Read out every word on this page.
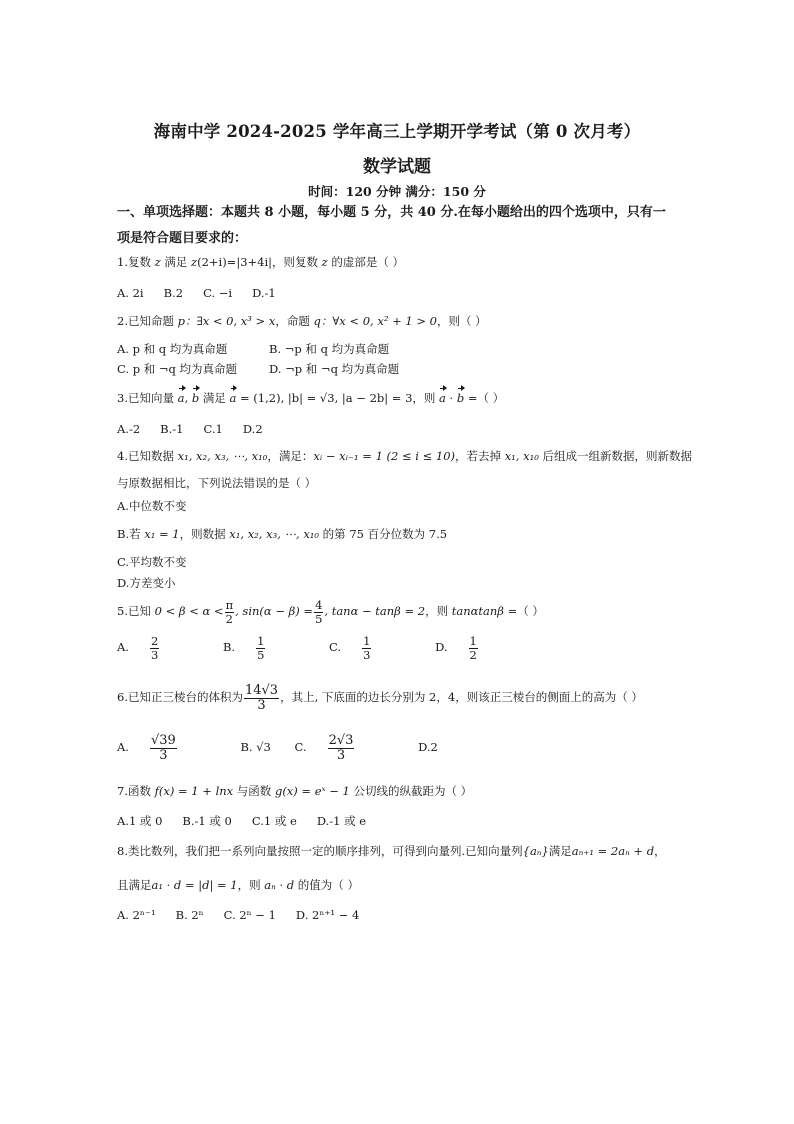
海南中学 2024-2025 学年高三上学期开学考试（第 0 次月考）
数学试题
时间：120 分钟 满分：150 分
一、单项选择题：本题共 8 小题，每小题 5 分，共 40 分.在每小题给出的四个选项中，只有一
项是符合题目要求的：
1.复数 z 满足 z(2+i)=|3+4i|，则复数 z 的虚部是（ ）
A. 2i B.2 C. −i D.-1
2.已知命题 p：∃x < 0, x³ > x，命题 q：∀x < 0, x² + 1 > 0，则（ ）
A. p 和 q 均为真命题	B. ¬p 和 q 均为真命题
C. p 和 ¬q 均为真命题	D. ¬p 和 ¬q 均为真命题
3.已知向量 a, b 满足 a = (1,2), |b| = √3, |a − 2b| = 3，则 a · b =（ ）
A.-2 B.-1 C.1 D.2
4.已知数据 x₁, x₂, x₃, ⋯, x₁₀，满足：xᵢ − xᵢ₋₁ = 1 (2 ≤ i ≤ 10)，若去掉 x₁, x₁₀ 后组成一组新数据，则新数据
与原数据相比，下列说法错误的是（ ）
A.中位数不变
B.若 x₁ = 1，则数据 x₁, x₂, x₃, ⋯, x₁₀ 的第 75 百分位数为 7.5
C.平均数不变
D.方差变小
5.已知 $0 < \beta < \alpha < \frac{\pi}{2}$ , $\sin(\alpha - \beta) = \frac{4}{5}$ , tanα − tanβ = 2，则 tanαtanβ =（ ）
A. $\frac{2}{3}$	B. $\frac{1}{5}$	C. $\frac{1}{3}$	D. $\frac{1}{2}$
6.已知正三棱台的体积为 $\frac{14√3}{3}$ ，其上, 下底面的边长分别为 2，4，则该正三棱台的侧面上的高为（ ）
A. $\frac{√39}{3}$	B. √3 C. $\frac{2√3}{3}$	D.2
7.函数 f(x) = 1 + lnx 与函数 g(x) = eˣ − 1 公切线的纵截距为（ ）
A.1 或 0 B.-1 或 0 C.1 或 e D.-1 或 e
8.类比数列，我们把一系列向量按照一定的顺序排列，可得到向量列.已知向量列{aₙ}满足aₙ₊₁ = 2aₙ + d，
且满足a₁ · d = |d| = 1，则 aₙ · d 的值为（ ）
A. 2ⁿ⁻¹ B. 2ⁿ C. 2ⁿ − 1 D. 2ⁿ⁺¹ − 4
